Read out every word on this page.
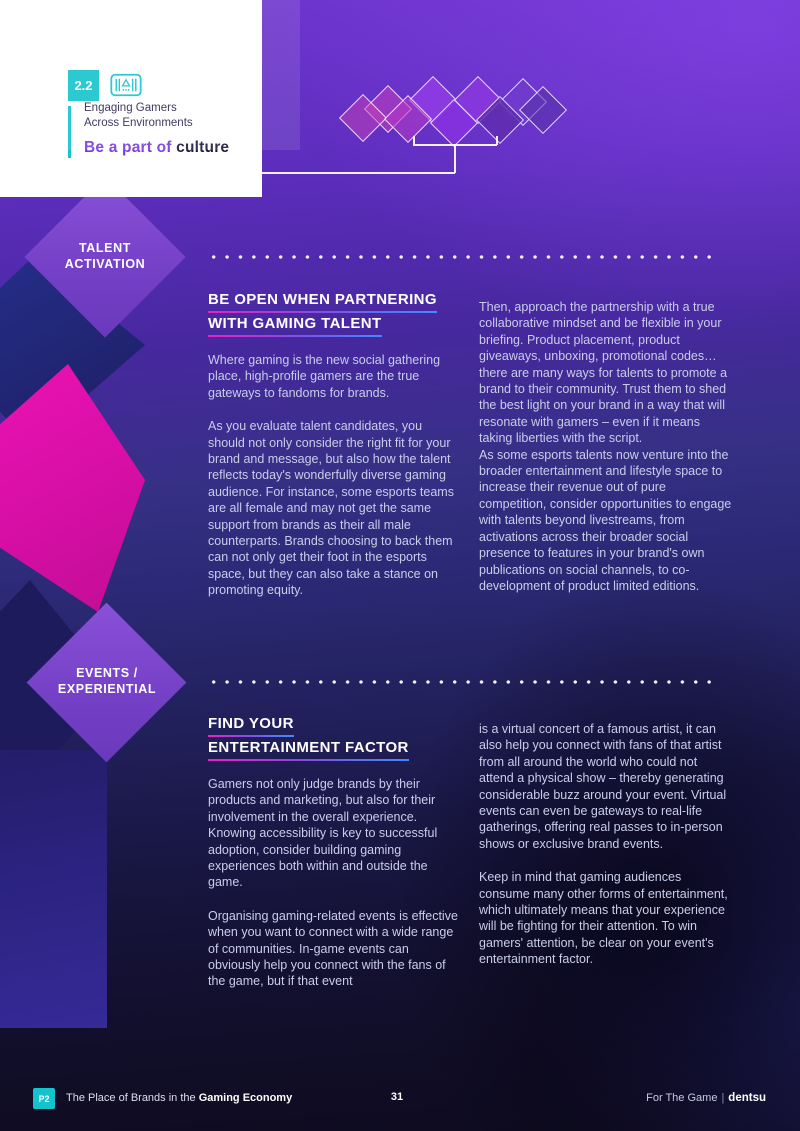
TALENT
ACTIVATION
EVENTS /
EXPERIENTIAL
2.2
Engaging Gamers
Across Environments
Be a part of culture
BE OPEN WHEN PARTNERING
WITH GAMING TALENT

Where gaming is the new social gathering place, high-profile gamers are the true gateways to fandoms for brands.

As you evaluate talent candidates, you should not only consider the right fit for your brand and message, but also how the talent reflects today's wonderfully diverse gaming audience. For instance, some esports teams are all female and may not get the same support from brands as their all male counterparts. Brands choosing to back them can not only get their foot in the esports space, but they can also take a stance on promoting equity.

Then, approach the partnership with a true collaborative mindset and be flexible in your briefing. Product placement, product giveaways, unboxing, promotional codes… there are many ways for talents to promote a brand to their community. Trust them to shed the best light on your brand in a way that will resonate with gamers – even if it means taking liberties with the script.

As some esports talents now venture into the broader entertainment and lifestyle space to increase their revenue out of pure competition, consider opportunities to engage with talents beyond livestreams, from activations across their broader social presence to features in your brand's own publications on social channels, to co-development of product limited editions.

FIND YOUR
ENTERTAINMENT FACTOR

Gamers not only judge brands by their products and marketing, but also for their involvement in the overall experience. Knowing accessibility is key to successful adoption, consider building gaming experiences both within and outside the game.

Organising gaming-related events is effective when you want to connect with a wide range of communities. In-game events can obviously help you connect with the fans of the game, but if that event

is a virtual concert of a famous artist, it can also help you connect with fans of that artist from all around the world who could not attend a physical show – thereby generating considerable buzz around your event. Virtual events can even be gateways to real-life gatherings, offering real passes to in-person shows or exclusive brand events.

Keep in mind that gaming audiences consume many other forms of entertainment, which ultimately means that your experience will be fighting for their attention. To win gamers' attention, be clear on your event's entertainment factor.

P2	The Place of Brands in the Gaming Economy	31	For The Game | dentsu
